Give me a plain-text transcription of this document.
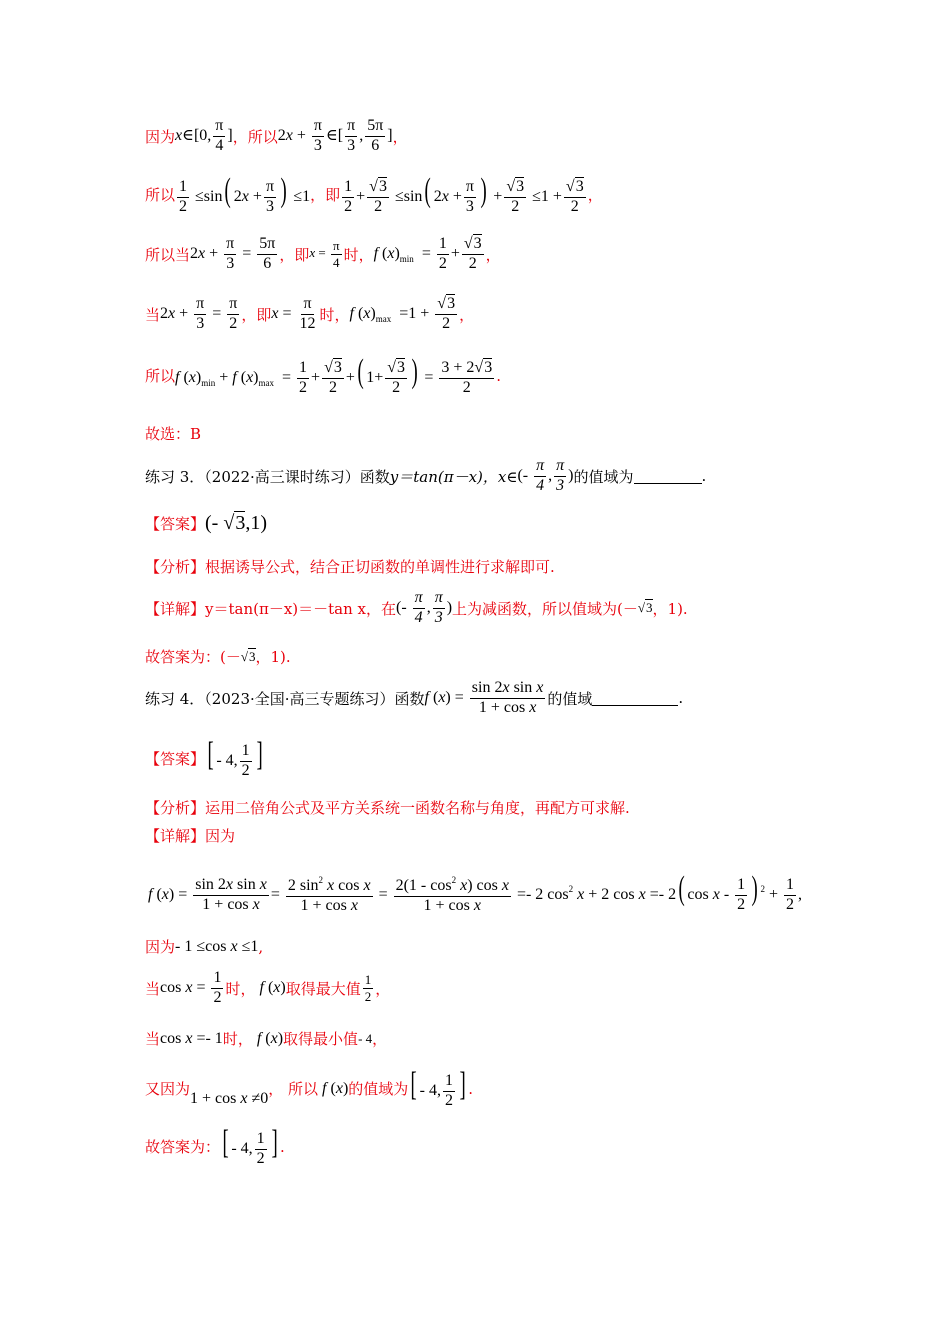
因为 x∈[0, $\frac{\pi}{4}$ ] ，所以 $2x + \frac{\pi}{3}$ ∈[ $\frac{\pi}{3}$ , $\frac{5\pi}{6}$ ] ，
所以 $\frac{1}{2} \le\sin$( $2x + \frac{\pi}{3}$ ) ≤1 ，即 $\frac{1}{2} + \frac{√3}{2} \le\sin$( $2x + \frac{\pi}{3}$ ) + $\frac{√3}{2} \le 1 + \frac{√3}{2}$ ，
所以当 $2x + \frac{\pi}{3} = \frac{5\pi}{6}$ ，即 $x = \frac{\pi}{4}$ 时， f $(x)_{min} = \frac{1}{2} + \frac{√3}{2}$ ，
当 $2x + \frac{\pi}{3} = \frac{\pi}{2}$ ，即 $x = \frac{\pi}{12}$ 时， f $(x)_{max} =1 + \frac{√3}{2}$ ，
所以 f $(x)_{min} + f$ $(x)_{max} = \frac{1}{2} + \frac{√3}{2}$ +( $1+ \frac{√3}{2}$ ) = $\frac{3 + 2√3}{2}$ .
故选：B
练习 3．（2022·高三课时练习）函数 y＝tan(π－x)，x∈ (- $\frac{\pi}{4}$ , $\frac{\pi}{3}$ ) 的值域为	.
【答案】 (- √3,1)
【分析】 根据诱导公式，结合正切函数的单调性进行求解即可.
【详解】 y＝tan(π－x)＝－tan x，在 (- $\frac{\pi}{4}$ , $\frac{\pi}{3}$ ) 上为减函数，所以值域为(－ √3 ，1).
故答案为：(－ √3 ，1).
练习 4．（2023·全国·高三专题练习）函数 f $(x) = \frac{\text{sin 2x sin x}}{\text{1 + cos x}}$ 的值域	.
【答案】 [ - 4, $\frac{1}{2}$ ]
【分析】 运用二倍角公式及平方关系统一函数名称与角度，再配方可求解.
【详解】 因为
f $(x) = \frac{\text{sin 2x sin x}}{\text{1 + cos x}} = \frac{2 \sin^2 x \cos x}{\text{1 + cos x}} = \frac{2(1 - \cos^2 x) \cos x}{\text{1 + cos x}} =- 2$ $\cos^2 x + 2$ cos x =- 2( cos x - $\frac{1}{2}$ ) $^2 + \frac{1}{2}$ ,
因为 - 1 ≤cos x ≤1 ,
当 $\cos x = \frac{1}{2}$ 时， f (x) 取得最大值 $\frac{1}{2}$ ，
当 cos x =- 1 时， f (x) 取得最小值 - 4 ，
又因为 1 + cos x ≠0 ， 所以 f (x) 的值域为 [ - 4, $\frac{1}{2}$ ] .
故答案为： [ - 4, $\frac{1}{2}$ ] .
